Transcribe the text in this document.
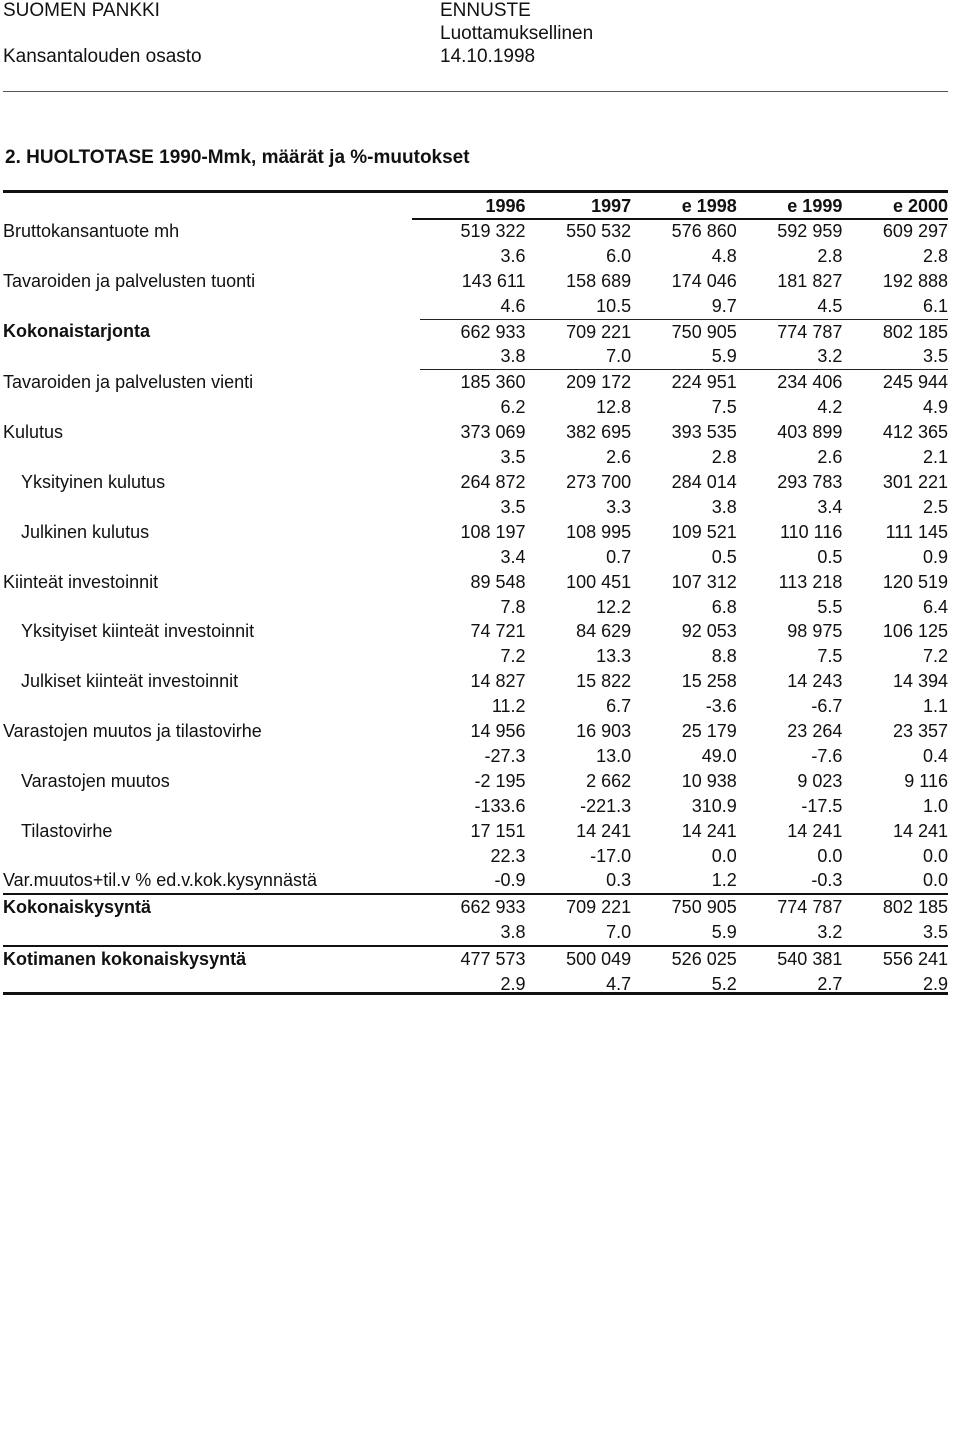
SUOMEN PANKKI
Kansantalouden osasto
ENNUSTE
Luottamuksellinen
14.10.1998
2. HUOLTOTASE 1990-Mmk, määrät ja %-muutokset
	1996	1997	e 1998	e 1999	e 2000
Bruttokansantuote mh	519 322	550 532	576 860	592 959	609 297
	3.6	6.0	4.8	2.8	2.8
Tavaroiden ja palvelusten tuonti	143 611	158 689	174 046	181 827	192 888
	4.6	10.5	9.7	4.5	6.1
Kokonaistarjonta	662 933	709 221	750 905	774 787	802 185
	3.8	7.0	5.9	3.2	3.5
Tavaroiden ja palvelusten vienti	185 360	209 172	224 951	234 406	245 944
	6.2	12.8	7.5	4.2	4.9
Kulutus	373 069	382 695	393 535	403 899	412 365
	3.5	2.6	2.8	2.6	2.1
Yksityinen kulutus	264 872	273 700	284 014	293 783	301 221
	3.5	3.3	3.8	3.4	2.5
Julkinen kulutus	108 197	108 995	109 521	110 116	111 145
	3.4	0.7	0.5	0.5	0.9
Kiinteät investoinnit	89 548	100 451	107 312	113 218	120 519
	7.8	12.2	6.8	5.5	6.4
Yksityiset kiinteät investoinnit	74 721	84 629	92 053	98 975	106 125
	7.2	13.3	8.8	7.5	7.2
Julkiset kiinteät investoinnit	14 827	15 822	15 258	14 243	14 394
	11.2	6.7	-3.6	-6.7	1.1
Varastojen muutos ja tilastovirhe	14 956	16 903	25 179	23 264	23 357
	-27.3	13.0	49.0	-7.6	0.4
Varastojen muutos	-2 195	2 662	10 938	9 023	9 116
	-133.6	-221.3	310.9	-17.5	1.0
Tilastovirhe	17 151	14 241	14 241	14 241	14 241
	22.3	-17.0	0.0	0.0	0.0
Var.muutos+til.v % ed.v.kok.kysynnästä	-0.9	0.3	1.2	-0.3	0.0
Kokonaiskysyntä	662 933	709 221	750 905	774 787	802 185
	3.8	7.0	5.9	3.2	3.5
Kotimanen kokonaiskysyntä	477 573	500 049	526 025	540 381	556 241
	2.9	4.7	5.2	2.7	2.9
